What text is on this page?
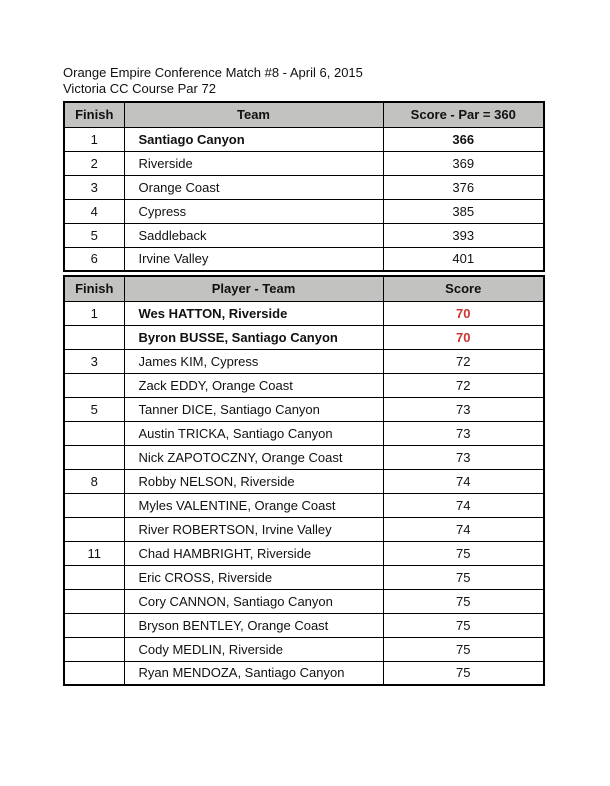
Orange Empire Conference Match #8 - April 6, 2015
Victoria CC Course Par 72
Finish	Team	Score - Par = 360
1	Santiago Canyon	366
2	Riverside	369
3	Orange Coast	376
4	Cypress	385
5	Saddleback	393
6	Irvine Valley	401
Finish	Player - Team	Score
1	Wes HATTON, Riverside	70
	Byron BUSSE, Santiago Canyon	70
3	James KIM, Cypress	72
	Zack EDDY, Orange Coast	72
5	Tanner DICE, Santiago Canyon	73
	Austin TRICKA, Santiago Canyon	73
	Nick ZAPOTOCZNY, Orange Coast	73
8	Robby NELSON, Riverside	74
	Myles VALENTINE, Orange Coast	74
	River ROBERTSON, Irvine Valley	74
11	Chad HAMBRIGHT, Riverside	75
	Eric CROSS, Riverside	75
	Cory CANNON, Santiago Canyon	75
	Bryson BENTLEY, Orange Coast	75
	Cody MEDLIN, Riverside	75
	Ryan MENDOZA, Santiago Canyon	75
